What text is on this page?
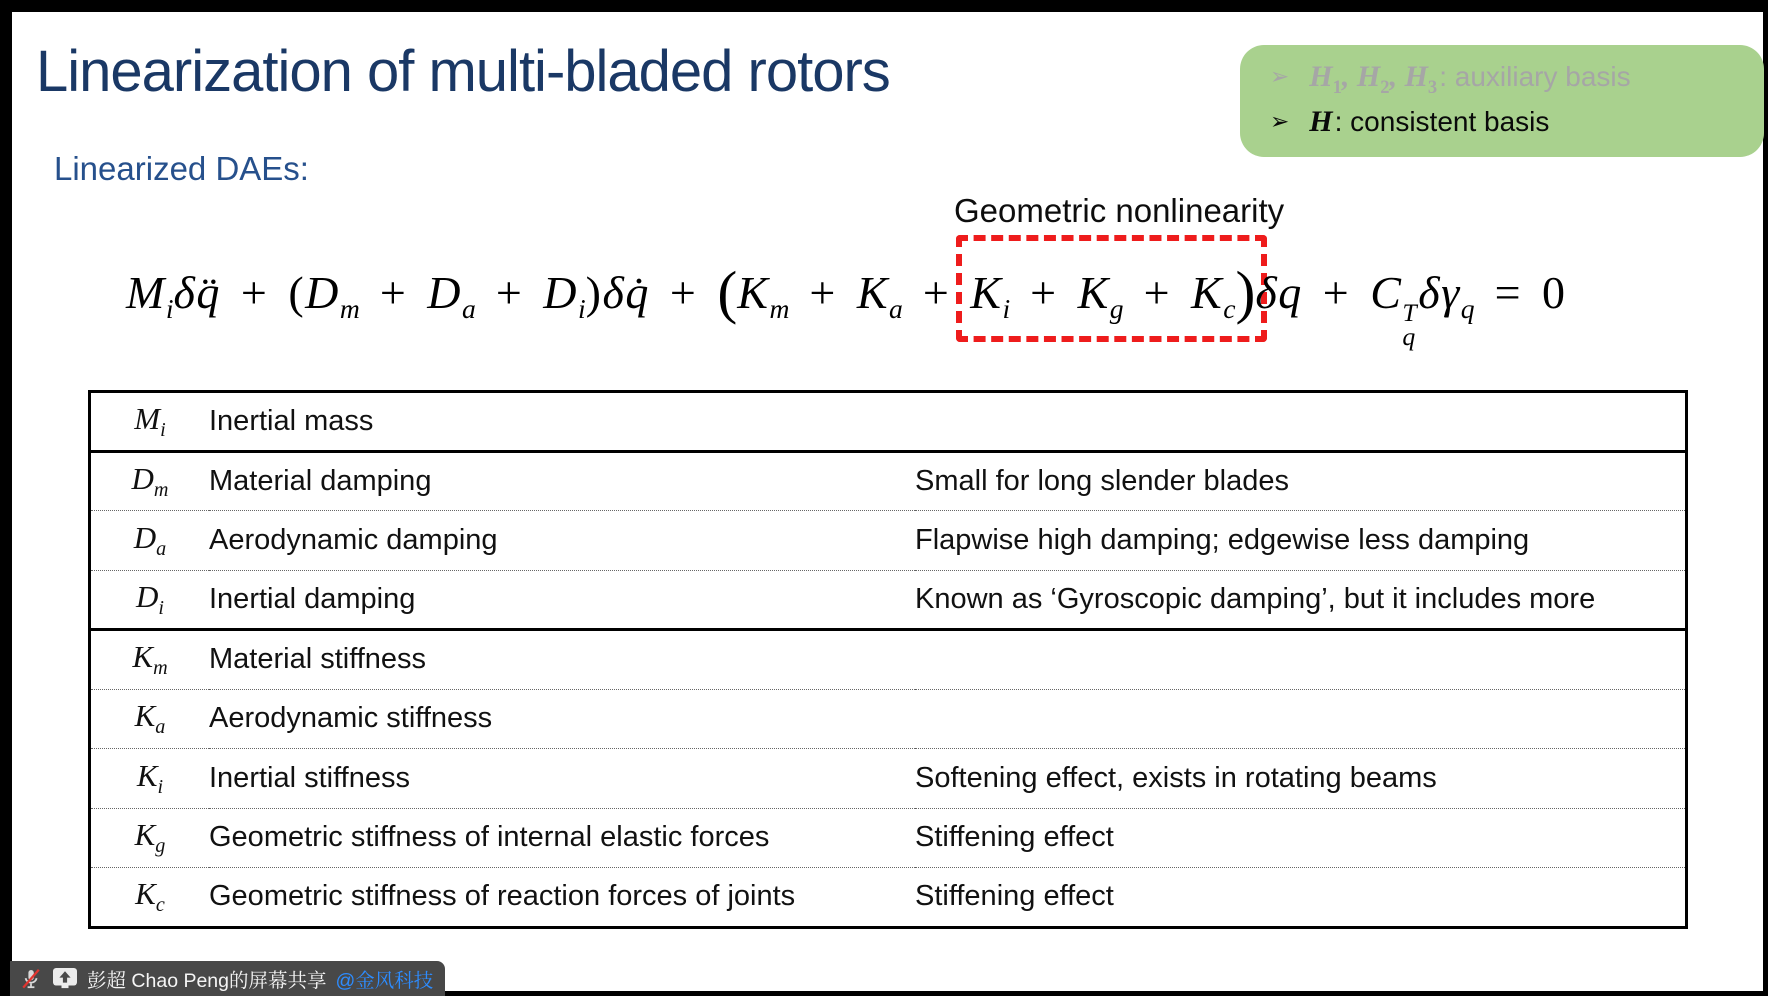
Linearization of multi-bladed rotors
Linearized DAEs:
➢ $H_1$, $H_2$, $H_3$ : auxiliary basis
➢ H : consistent basis
Geometric nonlinearity
$M_i\delta q̈ + (D_m + D_a$ + $D_i)\delta q̇ + (K_m + K_a + K_i + K_g + K_c)\delta q + C$ T
q
$\delta\gamma_q = 0$
$M_i$	Inertial mass	
$D_m$	Material damping	Small for long slender blades
$D_a$	Aerodynamic damping	Flapwise high damping; edgewise less damping
$D_i$	Inertial damping	Known as ‘Gyroscopic damping’, but it includes more
$K_m$	Material stiffness	
$K_a$	Aerodynamic stiffness	
$K_i$	Inertial stiffness	Softening effect, exists in rotating beams
$K_g$	Geometric stiffness of internal elastic forces	Stiffening effect
$K_c$	Geometric stiffness of reaction forces of joints	Stiffening effect
彭超 Chao Peng的屏幕共享 @金风科技
